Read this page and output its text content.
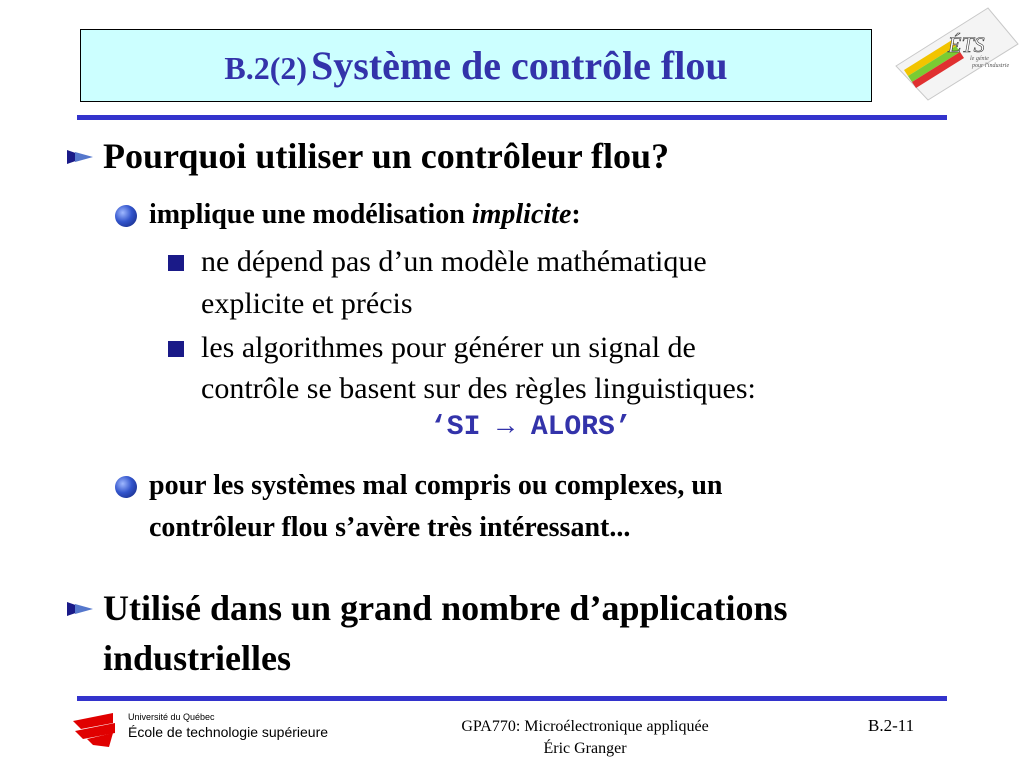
B.2(2) Système de contrôle flou	ÉTS
le génie
pour l'industrie
Pourquoi utiliser un contrôleur flou?
implique une modélisation implicite:
ne dépend pas d’un modèle mathématique
explicite et précis
les algorithmes pour générer un signal de
contrôle se basent sur des règles linguistiques:
‘SI → ALORS’
pour les systèmes mal compris ou complexes, un
contrôleur flou s’avère très intéressant...
Utilisé dans un grand nombre d’applications
industrielles
Université du Québec
École de technologie supérieure	GPA770: Microélectronique appliquée
Éric Granger
B.2-11
